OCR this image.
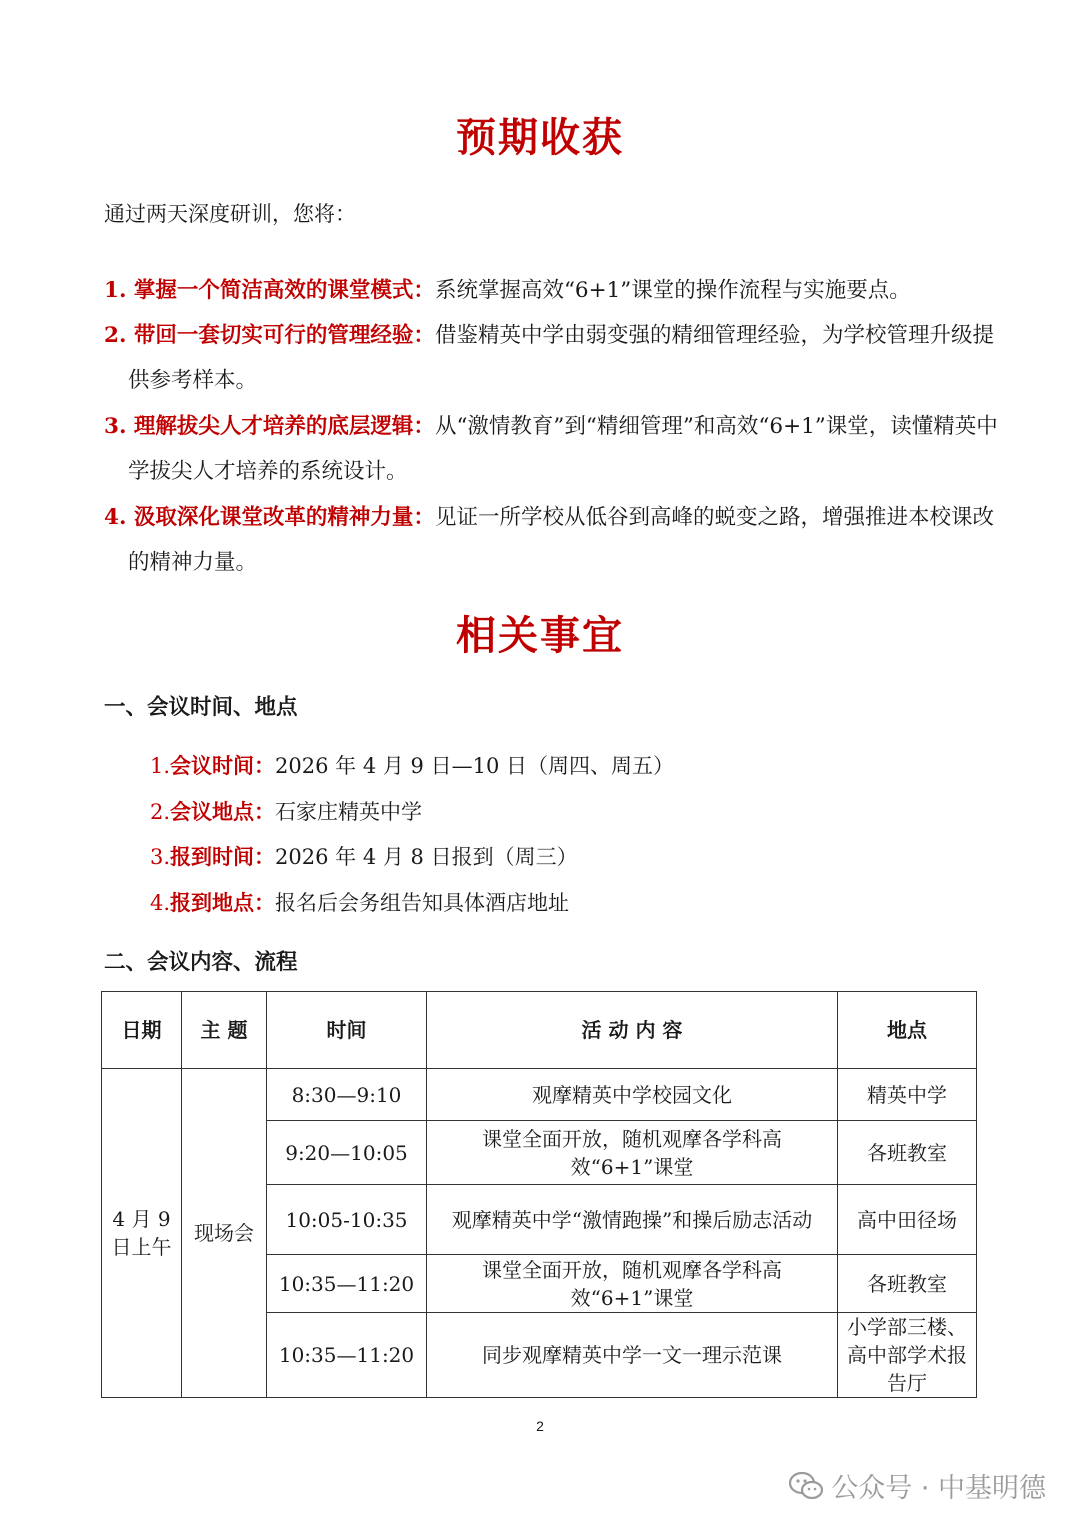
预期收获
通过两天深度研训，您将：
1. 掌握一个简洁高效的课堂模式：系统掌握高效“6+1”课堂的操作流程与实施要点。
2. 带回一套切实可行的管理经验：借鉴精英中学由弱变强的精细管理经验，为学校管理升级提供参考样本。
3. 理解拔尖人才培养的底层逻辑：从“激情教育”到“精细管理”和高效“6+1”课堂，读懂精英中学拔尖人才培养的系统设计。
4. 汲取深化课堂改革的精神力量：见证一所学校从低谷到高峰的蜕变之路，增强推进本校课改的精神力量。
相关事宜
一、会议时间、地点
1.会议时间：2026 年 4 月 9 日—10 日（周四、周五）
2.会议地点：石家庄精英中学
3.报到时间：2026 年 4 月 8 日报到（周三）
4.报到地点：报名后会务组告知具体酒店地址
二、会议内容、流程
日期	主 题	时间	活 动 内 容	地点
4 月 9 日上午	现场会	8:30—9:10	观摩精英中学校园文化	精英中学
		9:20—10:05	课堂全面开放，随机观摩各学科高效“6+1”课堂	各班教室
		10:05-10:35	观摩精英中学“激情跑操”和操后励志活动	高中田径场
		10:35—11:20	课堂全面开放，随机观摩各学科高效“6+1”课堂	各班教室
		10:35—11:20	同步观摩精英中学一文一理示范课	小学部三楼、高中部学术报告厅
2
公众号 · 中基明德
